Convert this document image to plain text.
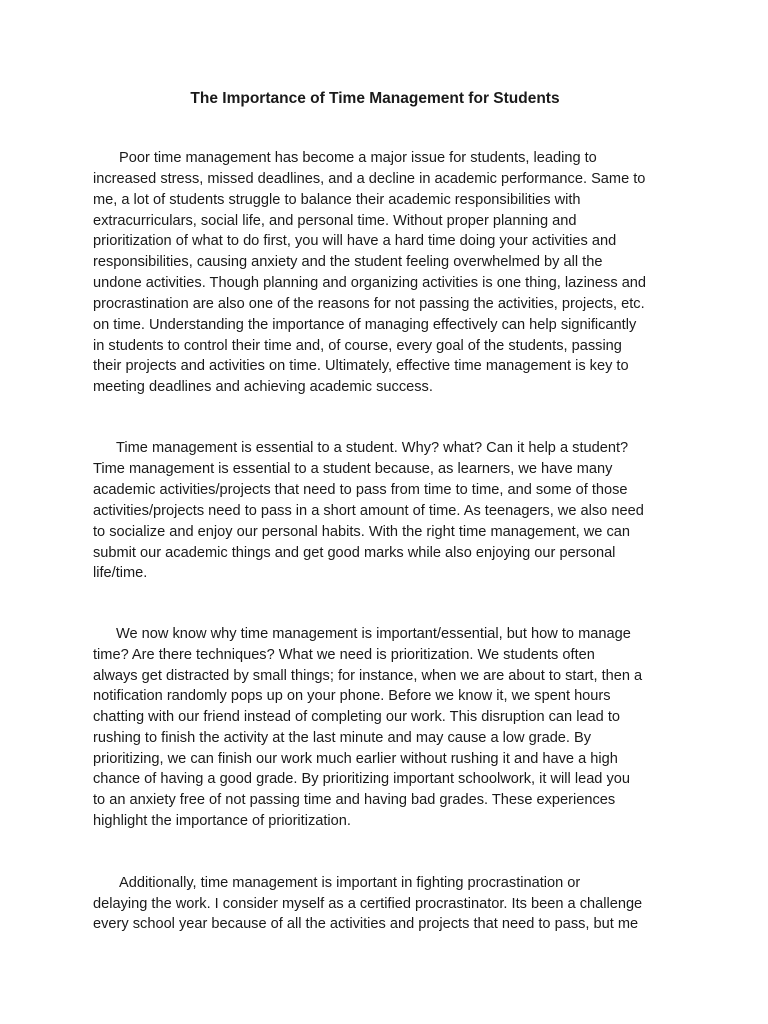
The Importance of Time Management for Students
Poor time management has become a major issue for students, leading to
increased stress, missed deadlines, and a decline in academic performance. Same to
me, a lot of students struggle to balance their academic responsibilities with
extracurriculars, social life, and personal time. Without proper planning and
prioritization of what to do first, you will have a hard time doing your activities and
responsibilities, causing anxiety and the student feeling overwhelmed by all the
undone activities. Though planning and organizing activities is one thing, laziness and
procrastination are also one of the reasons for not passing the activities, projects, etc.
on time. Understanding the importance of managing effectively can help significantly
in students to control their time and, of course, every goal of the students, passing
their projects and activities on time. Ultimately, effective time management is key to
meeting deadlines and achieving academic success.
Time management is essential to a student. Why? what? Can it help a student?
Time management is essential to a student because, as learners, we have many
academic activities/projects that need to pass from time to time, and some of those
activities/projects need to pass in a short amount of time. As teenagers, we also need
to socialize and enjoy our personal habits. With the right time management, we can
submit our academic things and get good marks while also enjoying our personal
life/time.
We now know why time management is important/essential, but how to manage
time? Are there techniques? What we need is prioritization. We students often
always get distracted by small things; for instance, when we are about to start, then a
notification randomly pops up on your phone. Before we know it, we spent hours
chatting with our friend instead of completing our work. This disruption can lead to
rushing to finish the activity at the last minute and may cause a low grade. By
prioritizing, we can finish our work much earlier without rushing it and have a high
chance of having a good grade. By prioritizing important schoolwork, it will lead you
to an anxiety free of not passing time and having bad grades. These experiences
highlight the importance of prioritization.
Additionally, time management is important in fighting procrastination or
delaying the work. I consider myself as a certified procrastinator. Its been a challenge
every school year because of all the activities and projects that need to pass, but me
